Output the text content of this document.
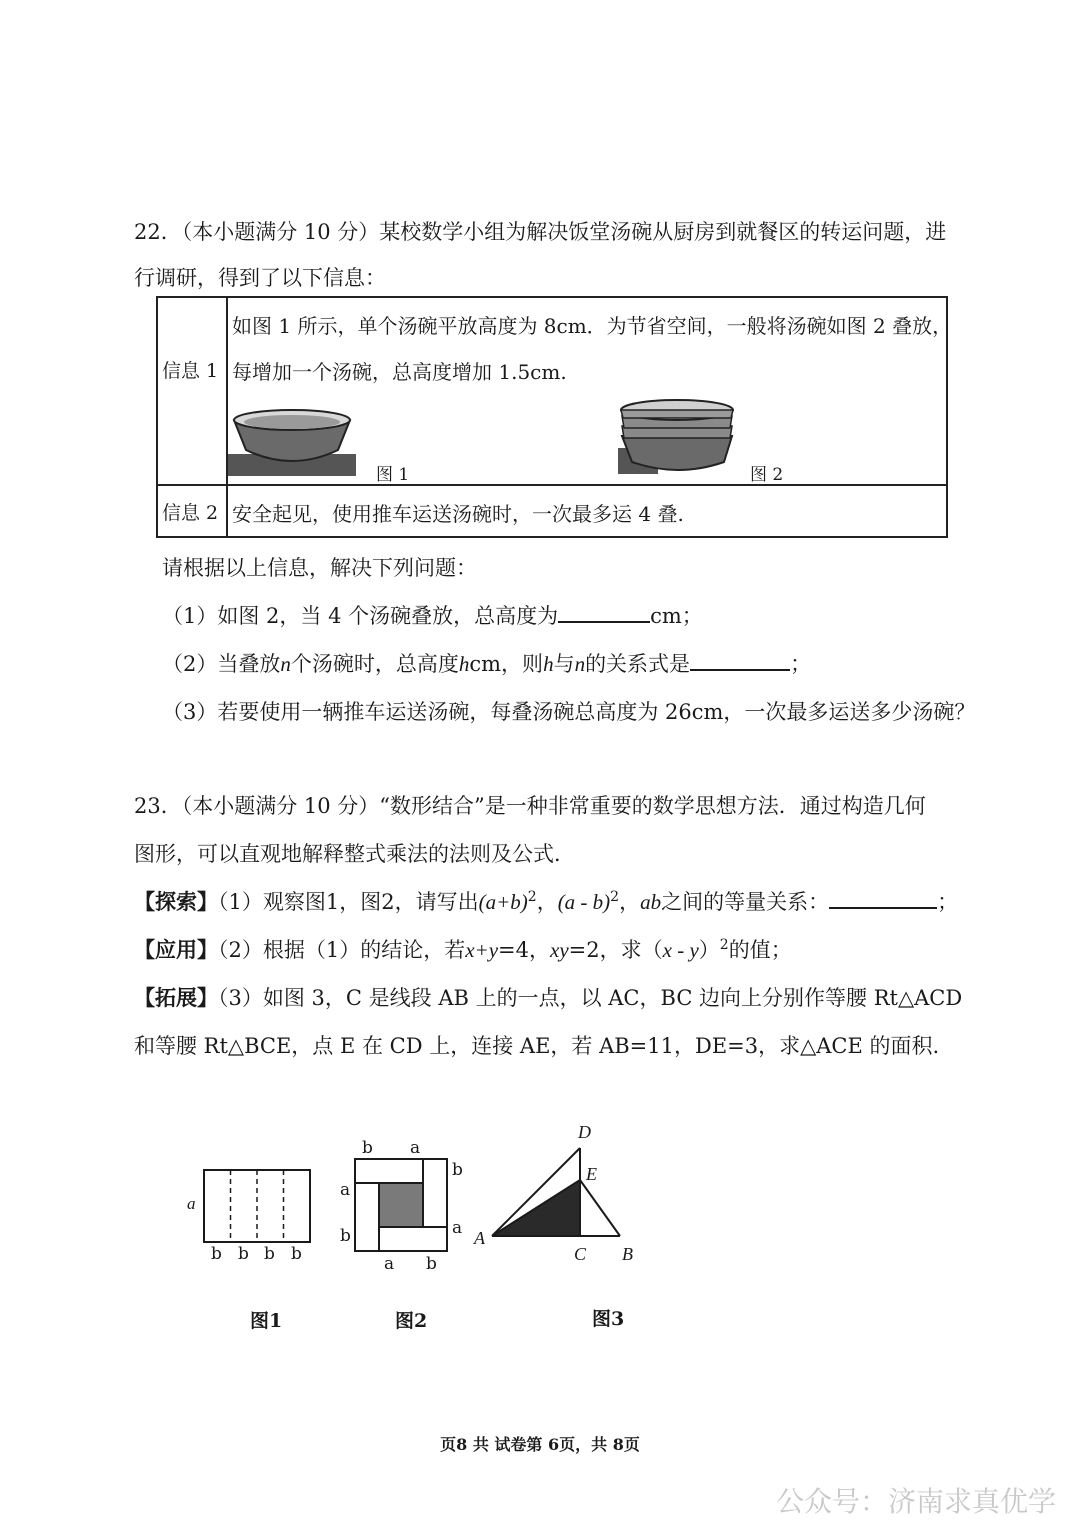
22．（本小题满分 10 分）某校数学小组为解决饭堂汤碗从厨房到就餐区的转运问题，进
行调研，得到了以下信息：
信息 1	如图 1 所示，单个汤碗平放高度为 8cm．为节省空间，一般将汤碗如图 2 叠放，
每增加一个汤碗，总高度增加 1.5cm.
图 1 图 2

信息 2	安全起见，使用推车运送汤碗时，一次最多运 4 叠.
请根据以上信息，解决下列问题：
（1）如图 2，当 4 个汤碗叠放，总高度为	cm；
（2）当叠放n个汤碗时，总高度hcm，则h与n的关系式是	；
（3）若要使用一辆推车运送汤碗，每叠汤碗总高度为 26cm，一次最多运送多少汤碗？
23．（本小题满分 10 分）“数形结合”是一种非常重要的数学思想方法．通过构造几何
图形，可以直观地解释整式乘法的法则及公式．
【探索】（1）观察图1，图2，请写出$(a+b)^2$，(a - b)$^2$，ab之间的等量关系：	；
【应用】（2）根据（1）的结论，若x+y=4，xy=2，求（x - y）$^2$的值；
【拓展】（3）如图 3，C 是线段 AB 上的一点，以 AC，BC 边向上分别作等腰 Rt△ACD
和等腰 Rt△BCE，点 E 在 CD 上，连接 AE，若 AB=11，DE=3，求△ACE 的面积.
a
b b b b
图1
b a
b
a
a
b
a b
图2
D
E
A
C B
图3
页8 共 试卷第 6页，共 8页
公众号：济南求真优学
